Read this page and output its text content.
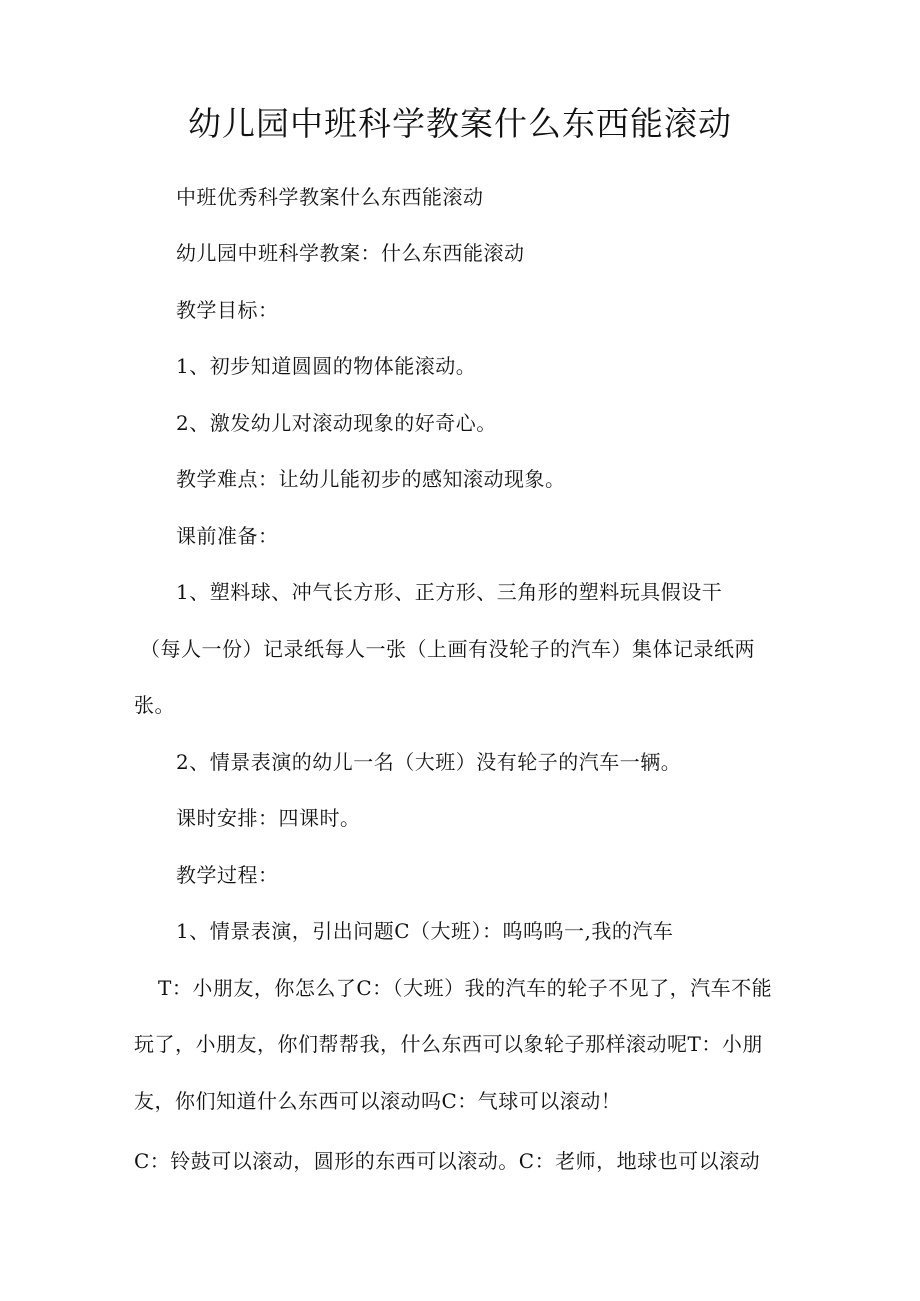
幼儿园中班科学教案什么东西能滚动
中班优秀科学教案什么东西能滚动
幼儿园中班科学教案：什么东西能滚动
教学目标：
1、初步知道圆圆的物体能滚动。
2、激发幼儿对滚动现象的好奇心。
教学难点：让幼儿能初步的感知滚动现象。
课前准备：
1、塑料球、冲气长方形、正方形、三角形的塑料玩具假设干
（每人一份）记录纸每人一张（上画有没轮子的汽车）集体记录纸两
张。
2、情景表演的幼儿一名（大班）没有轮子的汽车一辆。
课时安排：四课时。
教学过程：
1、情景表演，引出问题C（大班）：呜呜呜一,我的汽车
T：小朋友，你怎么了C：（大班）我的汽车的轮子不见了，汽车不能
玩了，小朋友，你们帮帮我，什么东西可以象轮子那样滚动呢T：小朋
友，你们知道什么东西可以滚动吗C：气球可以滚动！
C：铃鼓可以滚动，圆形的东西可以滚动。C：老师，地球也可以滚动
